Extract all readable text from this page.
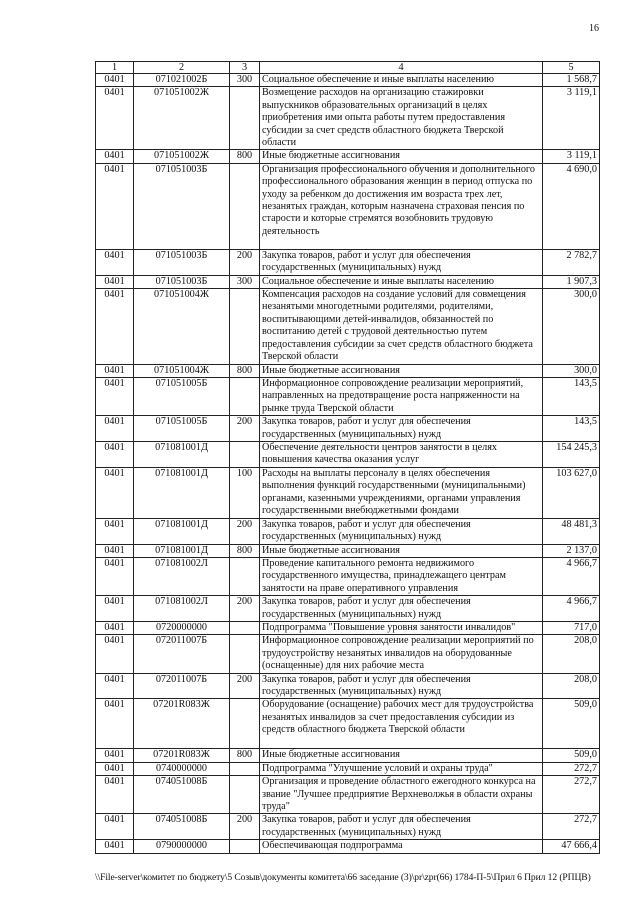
16
1	2	3	4	5
0401	071021002Б	300	Социальное обеспечение и иные выплаты населению	1 568,7
0401	071051002Ж		Возмещение расходов на организацию стажировки выпускников образовательных организаций в целях приобретения ими опыта работы путем предоставления субсидии за счет средств областного бюджета Тверской области	3 119,1
0401	071051002Ж	800	Иные бюджетные ассигнования	3 119,1
0401	071051003Б		Организация профессионального обучения и дополнительного профессионального образования женщин в период отпуска по уходу за ребенком до достижения им возраста трех лет, незанятых граждан, которым назначена страховая пенсия по старости и которые стремятся возобновить трудовую деятельность	4 690,0
0401	071051003Б	200	Закупка товаров, работ и услуг для обеспечения государственных (муниципальных) нужд	2 782,7
0401	071051003Б	300	Социальное обеспечение и иные выплаты населению	1 907,3
0401	071051004Ж		Компенсация расходов на создание условий для совмещения незанятыми многодетными родителями, родителями, воспитывающими детей-инвалидов, обязанностей по воспитанию детей с трудовой деятельностью путем предоставления субсидии за счет средств областного бюджета Тверской области	300,0
0401	071051004Ж	800	Иные бюджетные ассигнования	300,0
0401	071051005Б		Информационное сопровождение реализации мероприятий, направленных на предотвращение роста напряженности на рынке труда Тверской области	143,5
0401	071051005Б	200	Закупка товаров, работ и услуг для обеспечения государственных (муниципальных) нужд	143,5
0401	071081001Д		Обеспечение деятельности центров занятости в целях повышения качества оказания услуг	154 245,3
0401	071081001Д	100	Расходы на выплаты персоналу в целях обеспечения выполнения функций государственными (муниципальными) органами, казенными учреждениями, органами управления государственными внебюджетными фондами	103 627,0
0401	071081001Д	200	Закупка товаров, работ и услуг для обеспечения государственных (муниципальных) нужд	48 481,3
0401	071081001Д	800	Иные бюджетные ассигнования	2 137,0
0401	071081002Л		Проведение капитального ремонта недвижимого государственного имущества, принадлежащего центрам занятости на праве оперативного управления	4 966,7
0401	071081002Л	200	Закупка товаров, работ и услуг для обеспечения государственных (муниципальных) нужд	4 966,7
0401	0720000000		Подпрограмма "Повышение уровня занятости инвалидов"	717,0
0401	072011007Б		Информационное сопровождение реализации мероприятий по трудоустройству незанятых инвалидов на оборудованные (оснащенные) для них рабочие места	208,0
0401	072011007Б	200	Закупка товаров, работ и услуг для обеспечения государственных (муниципальных) нужд	208,0
0401	07201R083Ж		Оборудование (оснащение) рабочих мест для трудоустройства незанятых инвалидов за счет предоставления субсидии из средств областного бюджета Тверской области	509,0
0401	07201R083Ж	800	Иные бюджетные ассигнования	509,0
0401	0740000000		Подпрограмма "Улучшение условий и охраны труда"	272,7
0401	074051008Б		Организация и проведение областного ежегодного конкурса на звание "Лучшее предприятие Верхневолжья в области охраны труда"	272,7
0401	074051008Б	200	Закупка товаров, работ и услуг для обеспечения государственных (муниципальных) нужд	272,7
0401	0790000000		Обеспечивающая подпрограмма	47 666,4
\\File-server\комитет по бюджету\5 Созыв\документы комитета\66 заседание (3)\pr\zpr(66) 1784-П-5\Прил 6 Прил 12 (РПЦВ)
